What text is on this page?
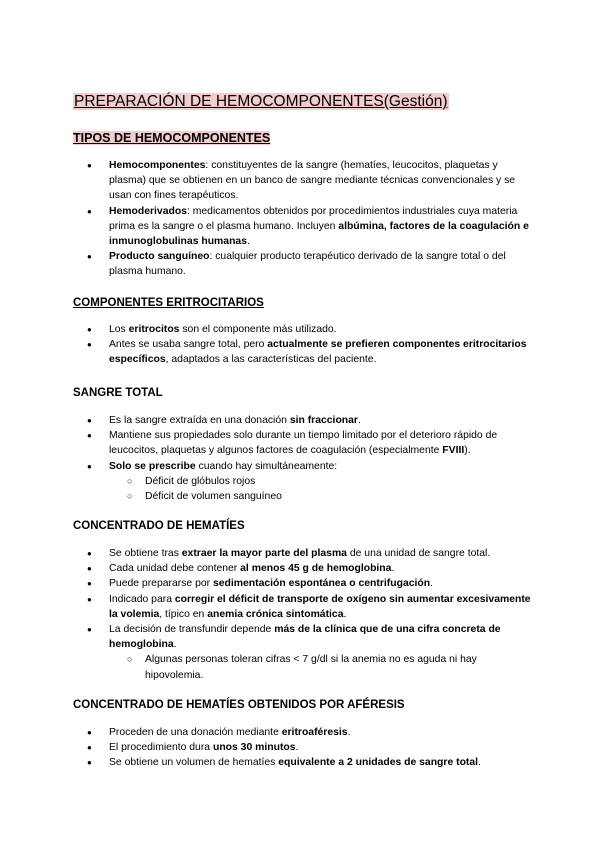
PREPARACIÓN DE HEMOCOMPONENTES(Gestión)
TIPOS DE HEMOCOMPONENTES
● Hemocomponentes: constituyentes de la sangre (hematíes, leucocitos, plaquetas y plasma) que se obtienen en un banco de sangre mediante técnicas convencionales y se usan con fines terapéuticos.
● Hemoderivados: medicamentos obtenidos por procedimientos industriales cuya materia prima es la sangre o el plasma humano. Incluyen albúmina, factores de la coagulación e inmunoglobulinas humanas.
● Producto sanguíneo: cualquier producto terapéutico derivado de la sangre total o del plasma humano.
COMPONENTES ERITROCITARIOS
● Los eritrocitos son el componente más utilizado.
● Antes se usaba sangre total, pero actualmente se prefieren componentes eritrocitarios específicos, adaptados a las características del paciente.
SANGRE TOTAL
● Es la sangre extraída en una donación sin fraccionar.
● Mantiene sus propiedades solo durante un tiempo limitado por el deterioro rápido de leucocitos, plaquetas y algunos factores de coagulación (especialmente FVIII).
● Solo se prescribe cuando hay simultáneamente:
○ Déficit de glóbulos rojos
○ Déficit de volumen sanguíneo
CONCENTRADO DE HEMATÍES
● Se obtiene tras extraer la mayor parte del plasma de una unidad de sangre total.
● Cada unidad debe contener al menos 45 g de hemoglobina.
● Puede prepararse por sedimentación espontánea o centrifugación.
● Indicado para corregir el déficit de transporte de oxígeno sin aumentar excesivamente la volemia, típico en anemia crónica sintomática.
● La decisión de transfundir depende más de la clínica que de una cifra concreta de hemoglobina.
○ Algunas personas toleran cifras < 7 g/dl si la anemia no es aguda ni hay hipovolemia.
CONCENTRADO DE HEMATÍES OBTENIDOS POR AFÉRESIS
● Proceden de una donación mediante eritroaféresis.
● El procedimiento dura unos 30 minutos.
● Se obtiene un volumen de hematíes equivalente a 2 unidades de sangre total.
